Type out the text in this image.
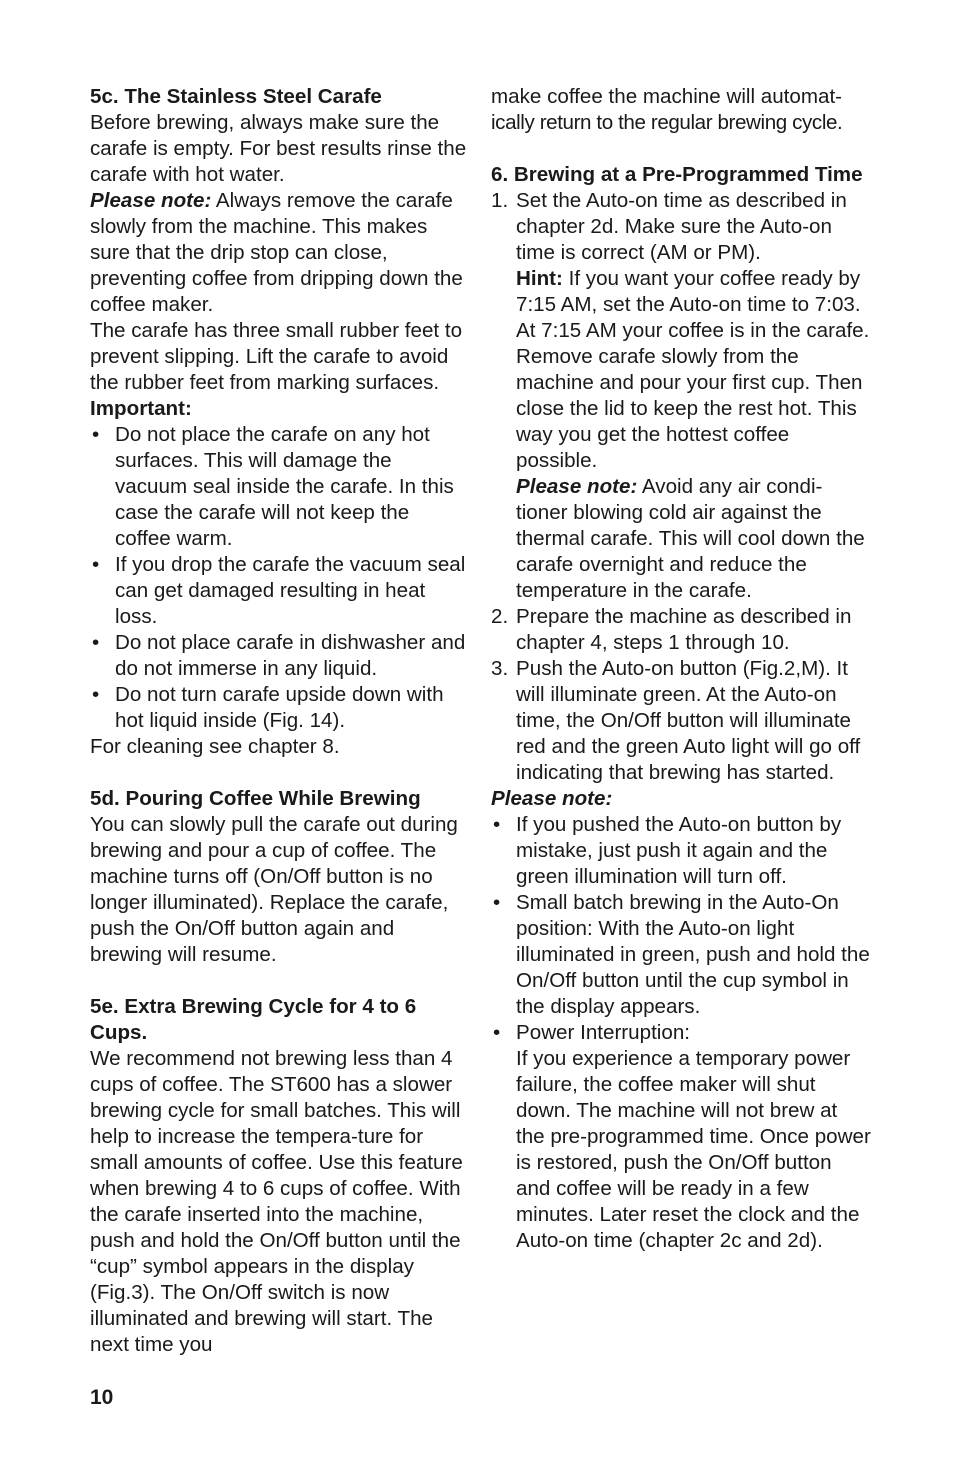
5c. The Stainless Steel Carafe

Before brewing, always make sure the carafe is empty. For best results rinse the carafe with hot water.

Please note: Always remove the carafe slowly from the machine. This makes sure that the drip stop can close, preventing coffee from dripping down the coffee maker.

The carafe has three small rubber feet to prevent slipping. Lift the carafe to avoid the rubber feet from marking surfaces.

Important:

• Do not place the carafe on any hot surfaces. This will damage the vacuum seal inside the carafe. In this case the carafe will not keep the coffee warm.
• If you drop the carafe the vacuum seal can get damaged resulting in heat loss.
• Do not place carafe in dishwasher and do not immerse in any liquid.
• Do not turn carafe upside down with hot liquid inside (Fig. 14).

For cleaning see chapter 8.

5d. Pouring Coffee While Brewing

You can slowly pull the carafe out during brewing and pour a cup of coffee. The machine turns off (On/Off button is no longer illuminated). Replace the carafe, push the On/Off button again and brewing will resume.

5e. Extra Brewing Cycle for 4 to 6 Cups.

We recommend not brewing less than 4 cups of coffee. The ST600 has a slower brewing cycle for small batches. This will help to increase the tempera-ture for small amounts of coffee. Use this feature when brewing 4 to 6 cups of coffee. With the carafe inserted into the machine, push and hold the On/Off button until the “cup” symbol appears in the display (Fig.3). The On/Off switch is now illuminated and brewing will start. The next time you

make coffee the machine will automat-

ically return to the regular brewing cycle.

6. Brewing at a Pre-Programmed Time

1. Set the Auto-on time as described in chapter 2d. Make sure the Auto-on time is correct (AM or PM).
Hint: If you want your coffee ready by 7:15 AM, set the Auto-on time to 7:03. At 7:15 AM your coffee is in the carafe. Remove carafe slowly from the machine and pour your first cup. Then close the lid to keep the rest hot. This way you get the hottest coffee possible.
Please note: Avoid any air condi-tioner blowing cold air against the thermal carafe. This will cool down the carafe overnight and reduce the temperature in the carafe.
2. Prepare the machine as described in chapter 4, steps 1 through 10.
3. Push the Auto-on button (Fig.2,M). It will illuminate green. At the Auto-on time, the On/Off button will illuminate red and the green Auto light will go off indicating that brewing has started.

Please note:

• If you pushed the Auto-on button by mistake, just push it again and the green illumination will turn off.
• Small batch brewing in the Auto-On position: With the Auto-on light illuminated in green, push and hold the On/Off button until the cup symbol in the display appears.
• Power Interruption:
If you experience a temporary power failure, the coffee maker will shut down. The machine will not brew at the pre-programmed time. Once power is restored, push the On/Off button and coffee will be ready in a few minutes. Later reset the clock and the Auto-on time (chapter 2c and 2d).
10
